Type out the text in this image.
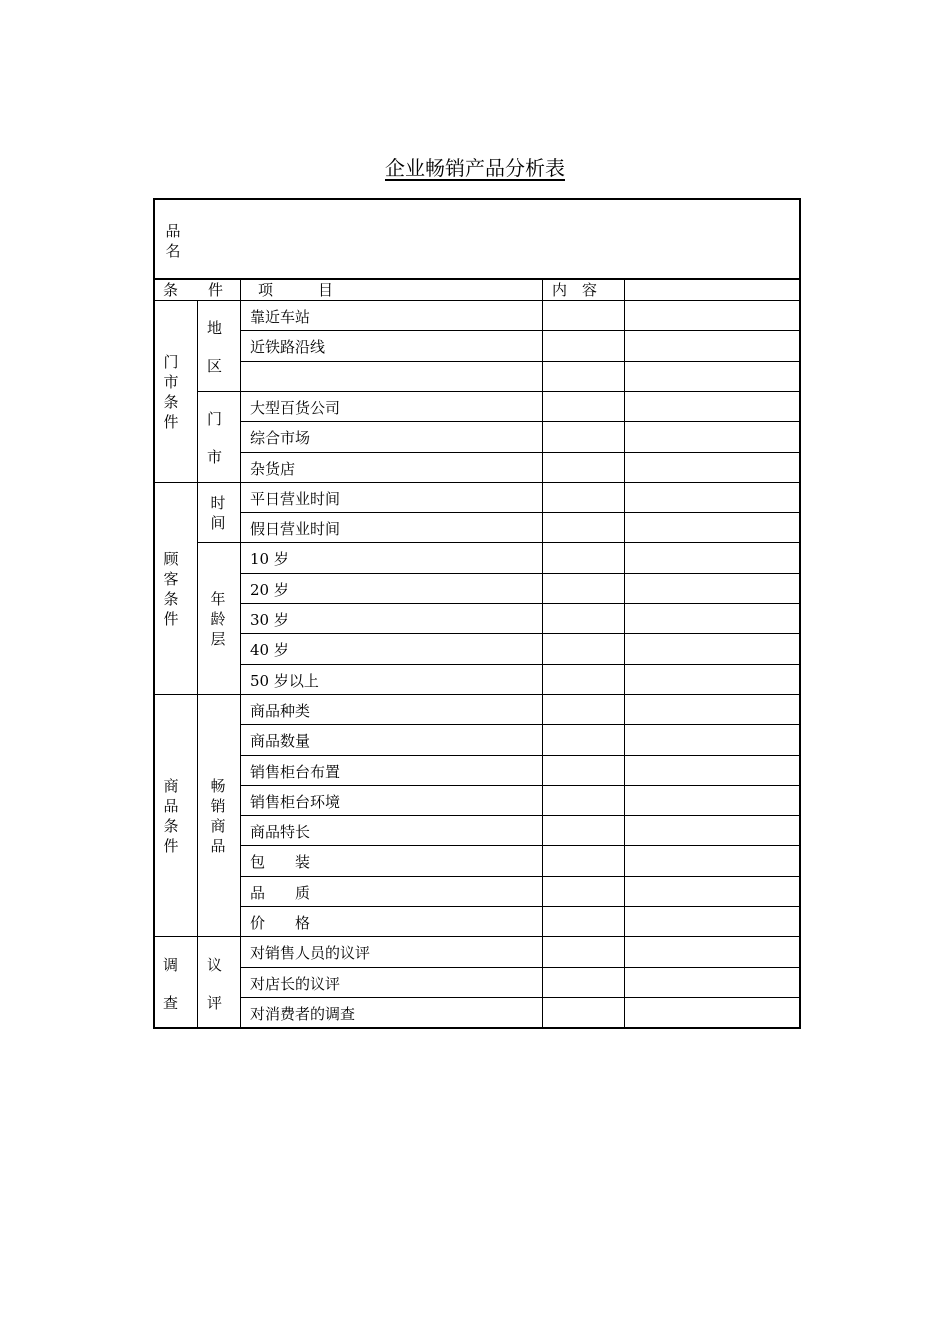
企业畅销产品分析表
品名
条　　件 项　　　目	内　容
靠近车站
近铁路沿线
地
区
大型百货公司
综合市场
杂货店
门
市
门市条件
平日营业时间
假日营业时间
时间
10 岁
20 岁
30 岁
40 岁
50 岁以上
年龄层
顾客条件
商品种类
商品数量
销售柜台布置
销售柜台环境
商品特长
包　　装
品　　质
价　　格
畅销商品
商品条件
对销售人员的议评
对店长的议评
对消费者的调查
议
评
调
查
